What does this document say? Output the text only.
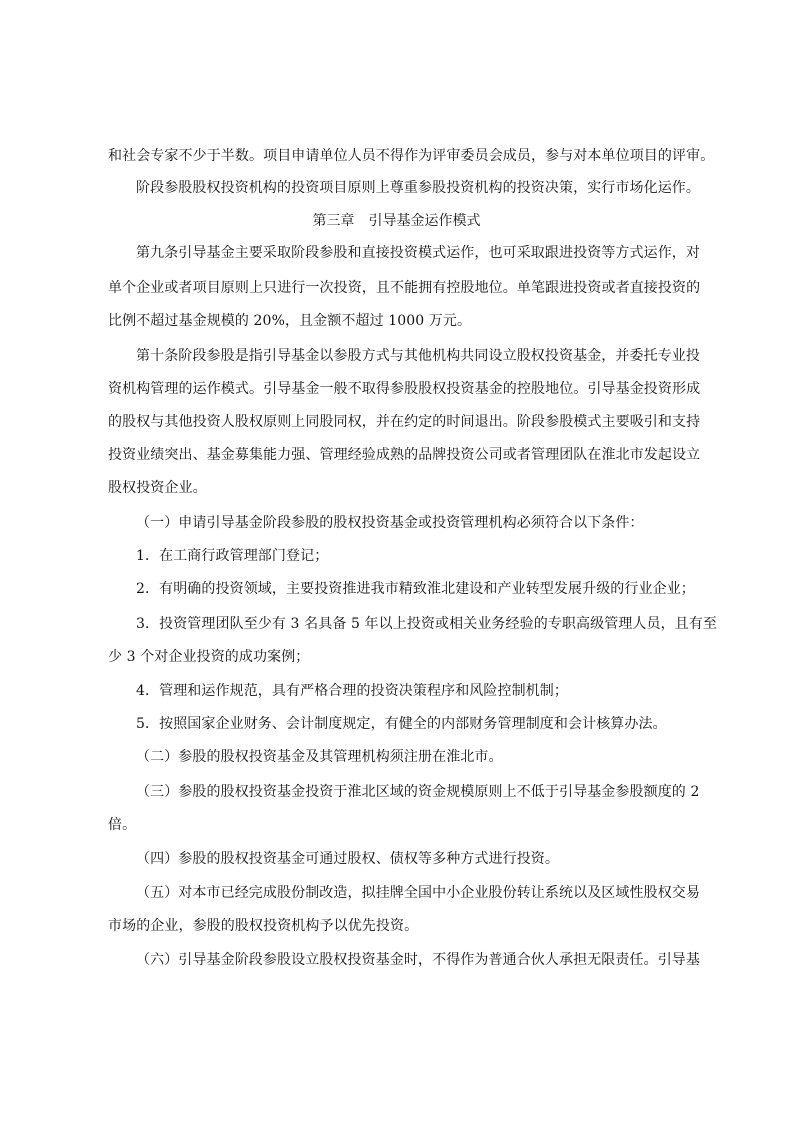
和社会专家不少于半数。项目申请单位人员不得作为评审委员会成员，参与对本单位项目的评审。
阶段参股股权投资机构的投资项目原则上尊重参股投资机构的投资决策，实行市场化运作。
第三章　引导基金运作模式
第九条引导基金主要采取阶段参股和直接投资模式运作，也可采取跟进投资等方式运作，对
单个企业或者项目原则上只进行一次投资，且不能拥有控股地位。单笔跟进投资或者直接投资的
比例不超过基金规模的 20%，且金额不超过 1000 万元。
第十条阶段参股是指引导基金以参股方式与其他机构共同设立股权投资基金，并委托专业投
资机构管理的运作模式。引导基金一般不取得参股股权投资基金的控股地位。引导基金投资形成
的股权与其他投资人股权原则上同股同权，并在约定的时间退出。阶段参股模式主要吸引和支持
投资业绩突出、基金募集能力强、管理经验成熟的品牌投资公司或者管理团队在淮北市发起设立
股权投资企业。
（一）申请引导基金阶段参股的股权投资基金或投资管理机构必须符合以下条件：
1．在工商行政管理部门登记；
2．有明确的投资领域，主要投资推进我市精致淮北建设和产业转型发展升级的行业企业；
3．投资管理团队至少有 3 名具备 5 年以上投资或相关业务经验的专职高级管理人员，且有至
少 3 个对企业投资的成功案例；
4．管理和运作规范，具有严格合理的投资决策程序和风险控制机制；
5．按照国家企业财务、会计制度规定，有健全的内部财务管理制度和会计核算办法。
（二）参股的股权投资基金及其管理机构须注册在淮北市。
（三）参股的股权投资基金投资于淮北区域的资金规模原则上不低于引导基金参股额度的 2
倍。
（四）参股的股权投资基金可通过股权、债权等多种方式进行投资。
（五）对本市已经完成股份制改造，拟挂牌全国中小企业股份转让系统以及区域性股权交易
市场的企业，参股的股权投资机构予以优先投资。
（六）引导基金阶段参股设立股权投资基金时，不得作为普通合伙人承担无限责任。引导基
